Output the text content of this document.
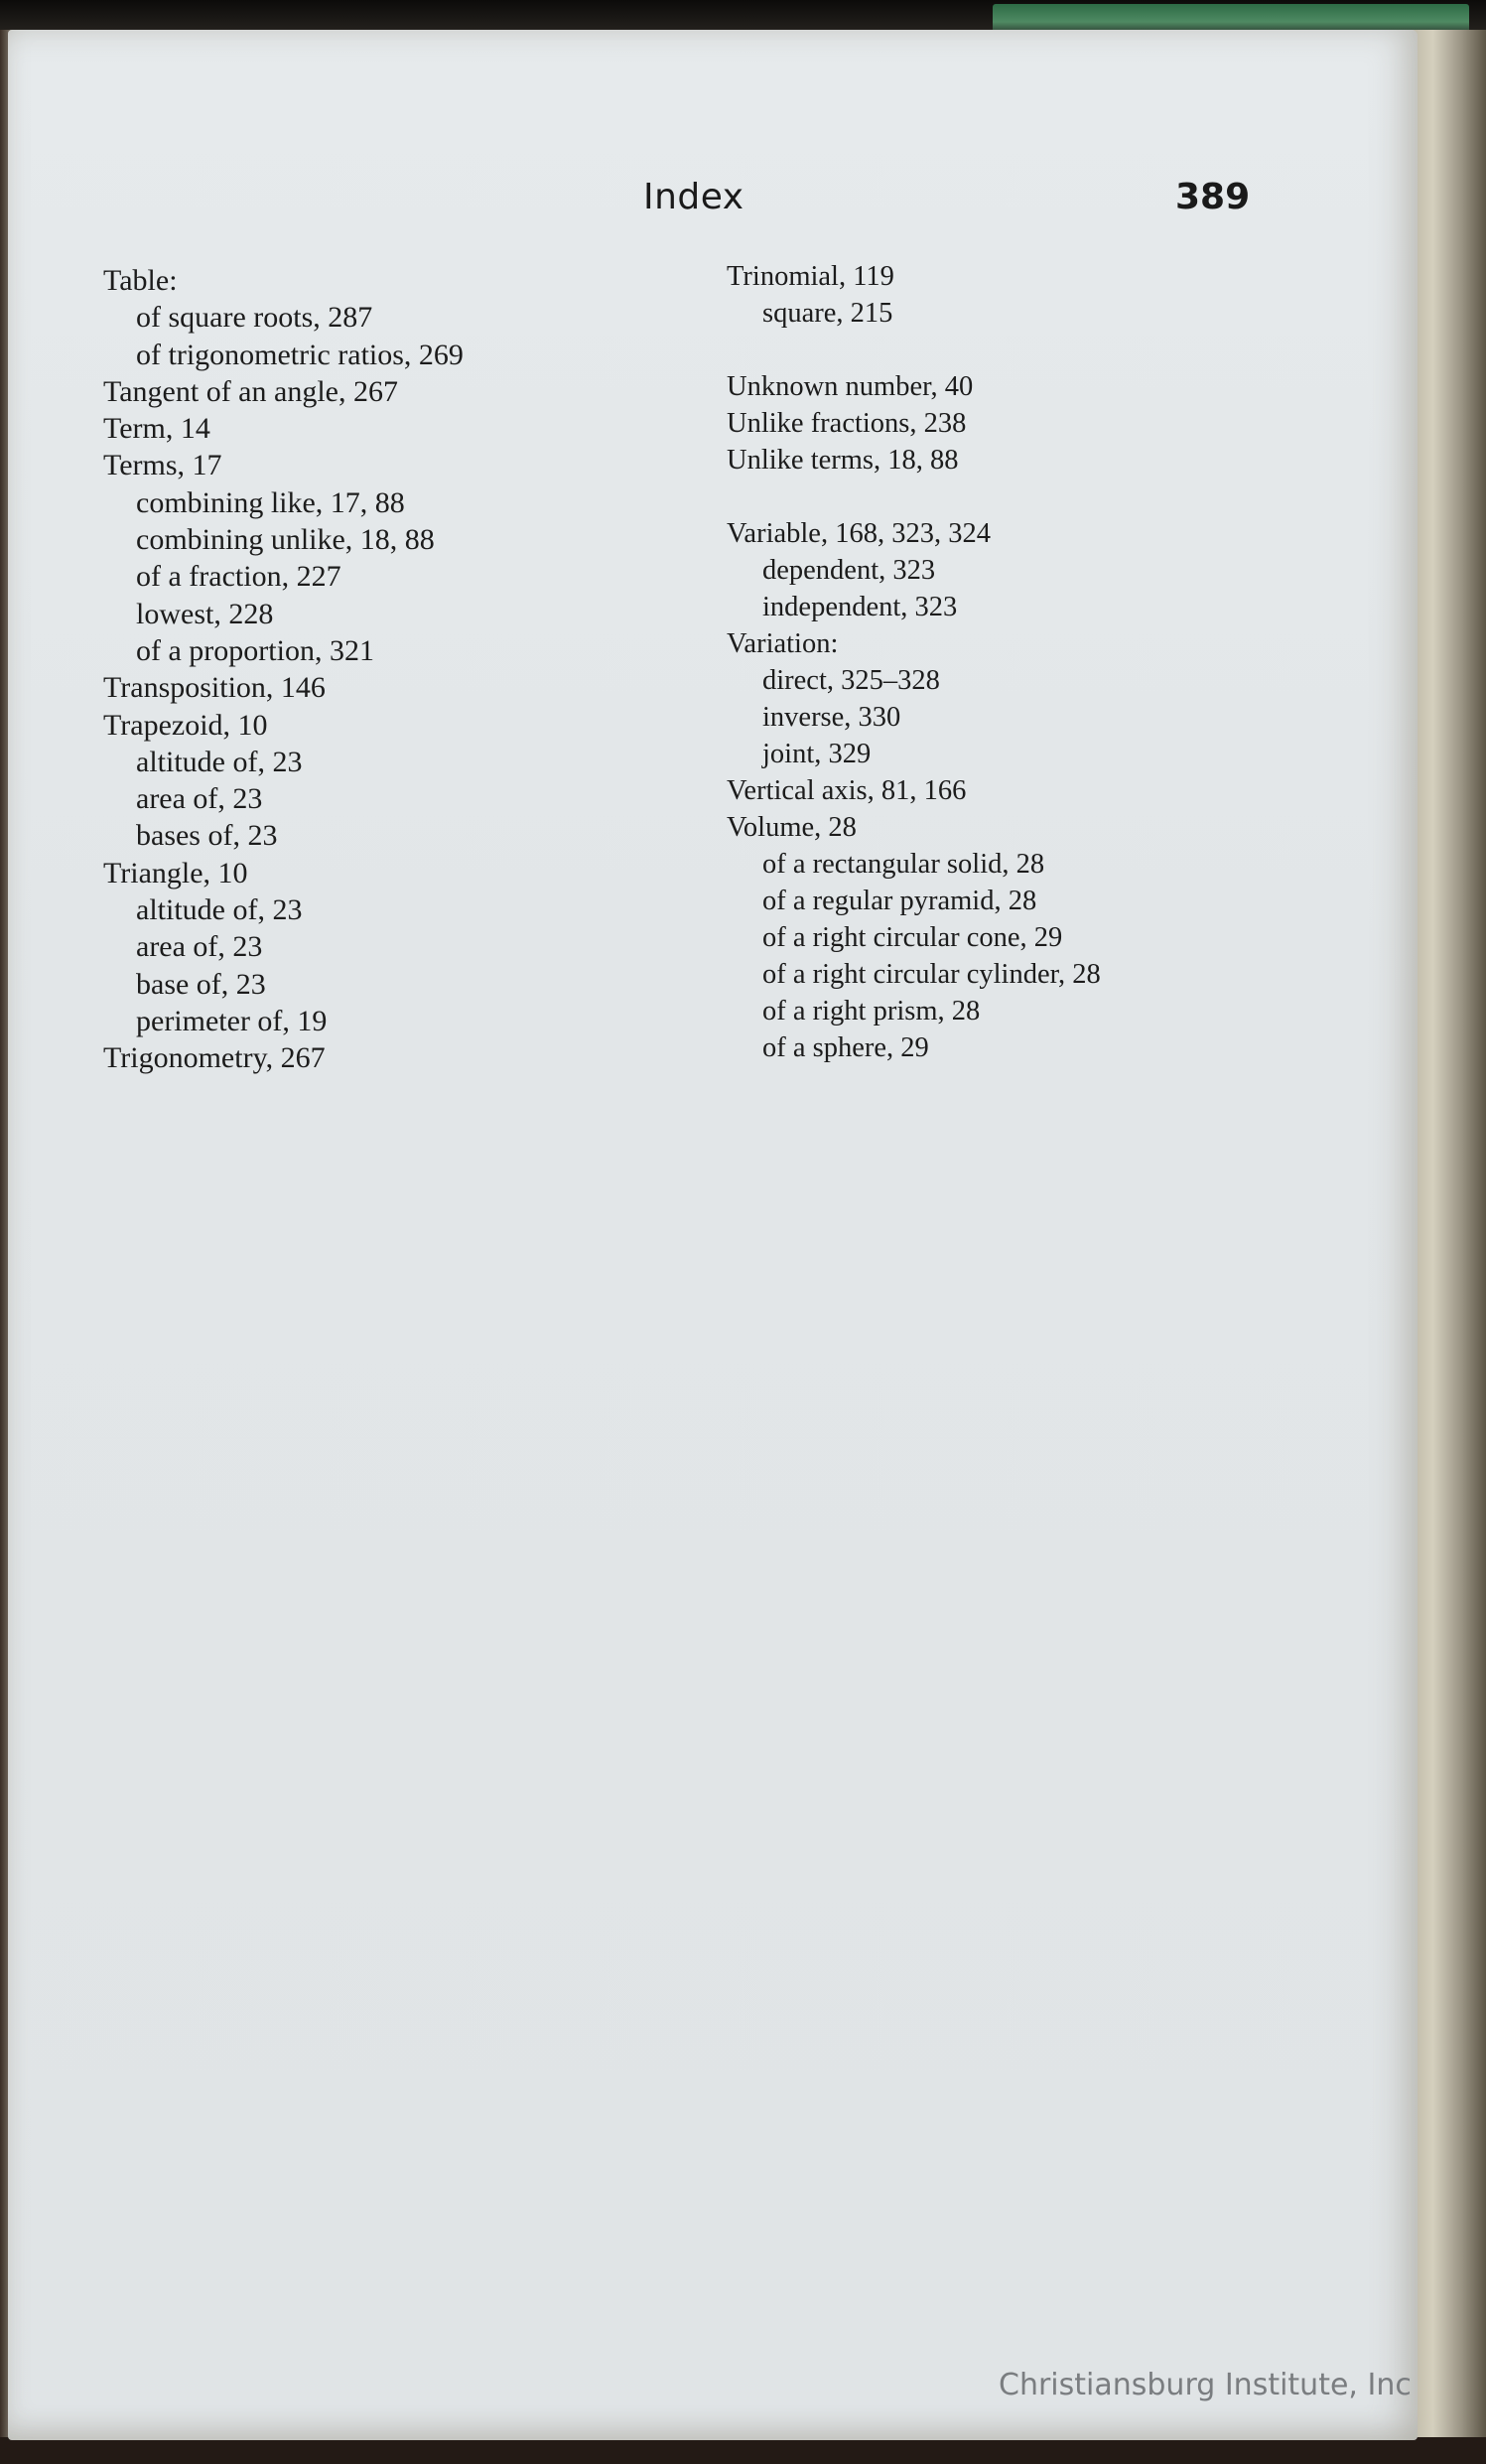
Index	389
Table:
of square roots, 287
of trigonometric ratios, 269
Tangent of an angle, 267
Term, 14
Terms, 17
combining like, 17, 88
combining unlike, 18, 88
of a fraction, 227
lowest, 228
of a proportion, 321
Transposition, 146
Trapezoid, 10
altitude of, 23
area of, 23
bases of, 23
Triangle, 10
altitude of, 23
area of, 23
base of, 23
perimeter of, 19
Trigonometry, 267
Trinomial, 119
square, 215
Unknown number, 40
Unlike fractions, 238
Unlike terms, 18, 88
Variable, 168, 323, 324
dependent, 323
independent, 323
Variation:
direct, 325–328
inverse, 330
joint, 329
Vertical axis, 81, 166
Volume, 28
of a rectangular solid, 28
of a regular pyramid, 28
of a right circular cone, 29
of a right circular cylinder, 28
of a right prism, 28
of a sphere, 29
Christiansburg Institute, Inc
